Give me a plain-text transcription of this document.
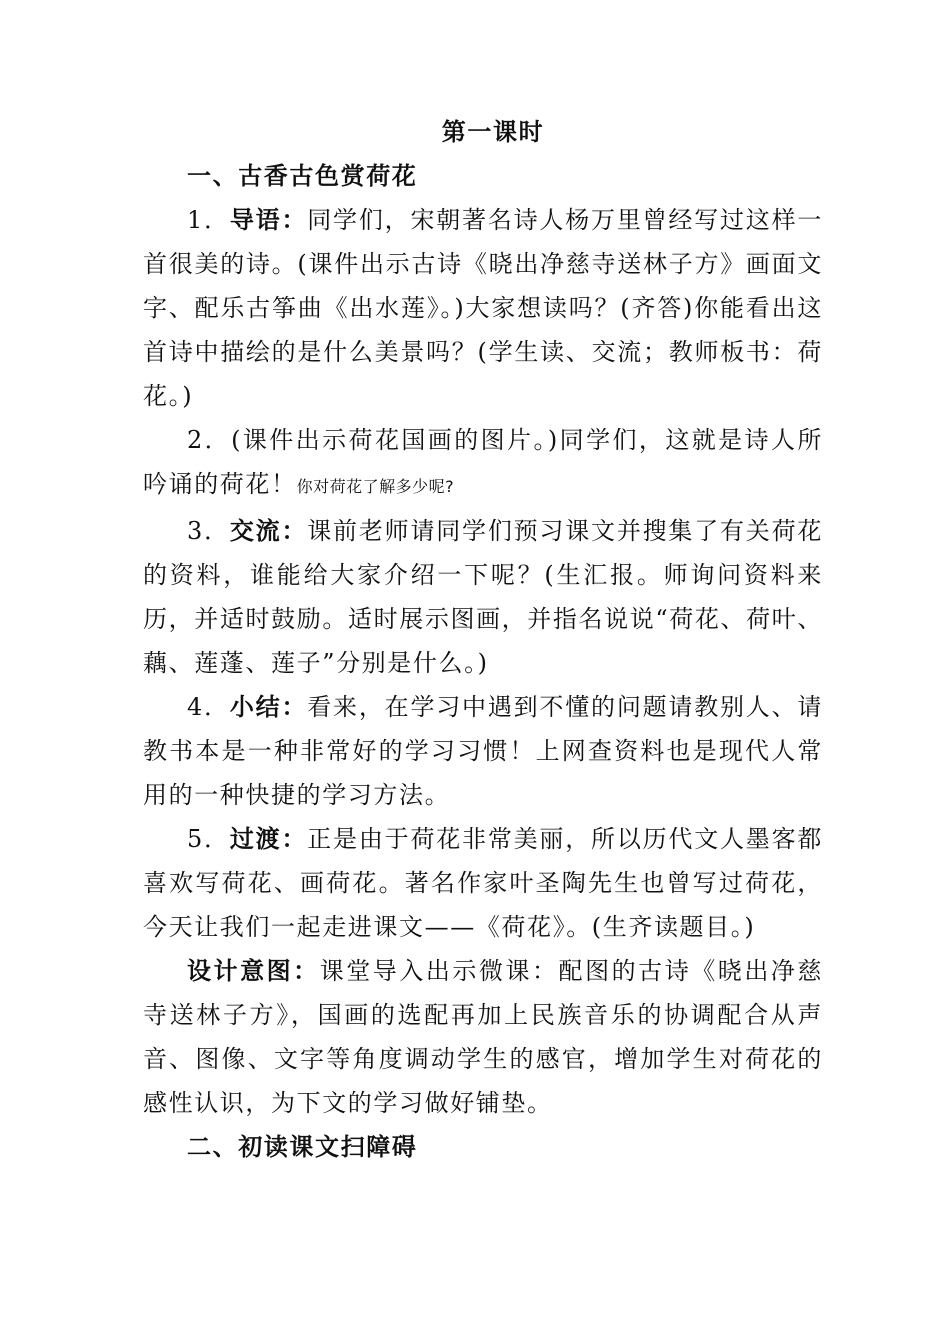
第一课时

一、古香古色赏荷花

1．导语：同学们，宋朝著名诗人杨万里曾经写过这样一首很美的诗。(课件出示古诗《晓出净慈寺送林子方》画面文字、配乐古筝曲《出水莲》。)大家想读吗？(齐答)你能看出这首诗中描绘的是什么美景吗？(学生读、交流；教师板书：荷花。)

2．(课件出示荷花国画的图片。)同学们，这就是诗人所吟诵的荷花！你对荷花了解多少呢?

3．交流：课前老师请同学们预习课文并搜集了有关荷花的资料，谁能给大家介绍一下呢？(生汇报。师询问资料来历，并适时鼓励。适时展示图画，并指名说说“荷花、荷叶、藕、莲蓬、莲子”分别是什么。)

4．小结：看来，在学习中遇到不懂的问题请教别人、请教书本是一种非常好的学习习惯！上网查资料也是现代人常用的一种快捷的学习方法。

5．过渡：正是由于荷花非常美丽，所以历代文人墨客都喜欢写荷花、画荷花。著名作家叶圣陶先生也曾写过荷花，今天让我们一起走进课文——《荷花》。(生齐读题目。)

设计意图：课堂导入出示微课：配图的古诗《晓出净慈寺送林子方》，国画的选配再加上民族音乐的协调配合从声音、图像、文字等角度调动学生的感官，增加学生对荷花的感性认识，为下文的学习做好铺垫。

二、初读课文扫障碍
